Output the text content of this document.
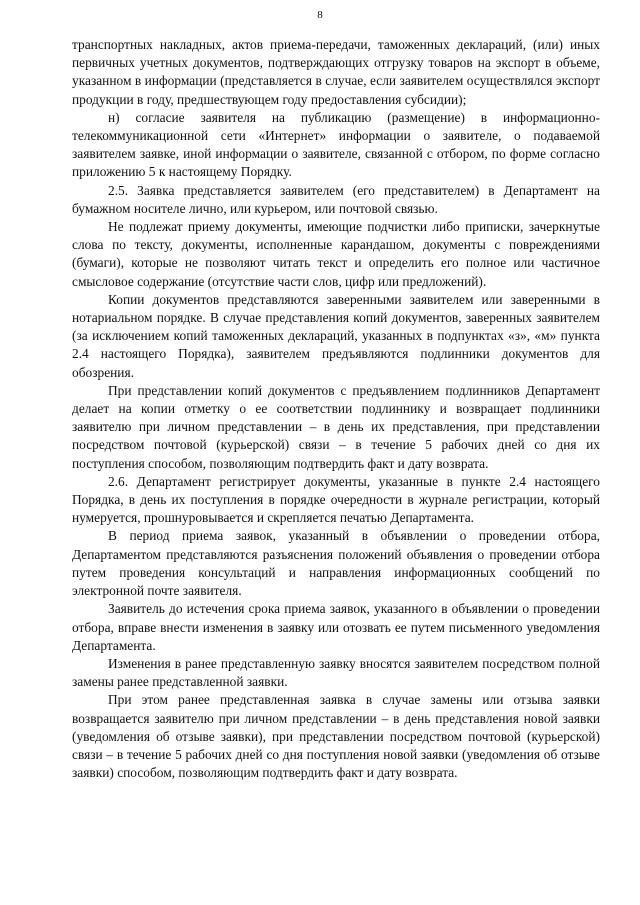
8

транспортных накладных, актов приема-передачи, таможенных деклараций, (или) иных первичных учетных документов, подтверждающих отгрузку товаров на экспорт в объеме, указанном в информации (представляется в случае, если заявителем осуществлялся экспорт продукции в году, предшествующем году предоставления субсидии);

н) согласие заявителя на публикацию (размещение) в информационно-телекоммуникационной сети «Интернет» информации о заявителе, о подаваемой заявителем заявке, иной информации о заявителе, связанной с отбором, по форме согласно приложению 5 к настоящему Порядку.

2.5. Заявка представляется заявителем (его представителем) в Департамент на бумажном носителе лично, или курьером, или почтовой связью.

Не подлежат приему документы, имеющие подчистки либо приписки, зачеркнутые слова по тексту, документы, исполненные карандашом, документы с повреждениями (бумаги), которые не позволяют читать текст и определить его полное или частичное смысловое содержание (отсутствие части слов, цифр или предложений).

Копии документов представляются заверенными заявителем или заверенными в нотариальном порядке. В случае представления копий документов, заверенных заявителем (за исключением копий таможенных деклараций, указанных в подпунктах «з», «м» пункта 2.4 настоящего Порядка), заявителем предъявляются подлинники документов для обозрения.

При представлении копий документов с предъявлением подлинников Департамент делает на копии отметку о ее соответствии подлиннику и возвращает подлинники заявителю при личном представлении – в день их представления, при представлении посредством почтовой (курьерской) связи – в течение 5 рабочих дней со дня их поступления способом, позволяющим подтвердить факт и дату возврата.

2.6. Департамент регистрирует документы, указанные в пункте 2.4 настоящего Порядка, в день их поступления в порядке очередности в журнале регистрации, который нумеруется, прошнуровывается и скрепляется печатью Департамента.

В период приема заявок, указанный в объявлении о проведении отбора, Департаментом представляются разъяснения положений объявления о проведении отбора путем проведения консультаций и направления информационных сообщений по электронной почте заявителя.

Заявитель до истечения срока приема заявок, указанного в объявлении о проведении отбора, вправе внести изменения в заявку или отозвать ее путем письменного уведомления Департамента.

Изменения в ранее представленную заявку вносятся заявителем посредством полной замены ранее представленной заявки.

При этом ранее представленная заявка в случае замены или отзыва заявки возвращается заявителю при личном представлении – в день представления новой заявки (уведомления об отзыве заявки), при представлении посредством почтовой (курьерской) связи – в течение 5 рабочих дней со дня поступления новой заявки (уведомления об отзыве заявки) способом, позволяющим подтвердить факт и дату возврата.
